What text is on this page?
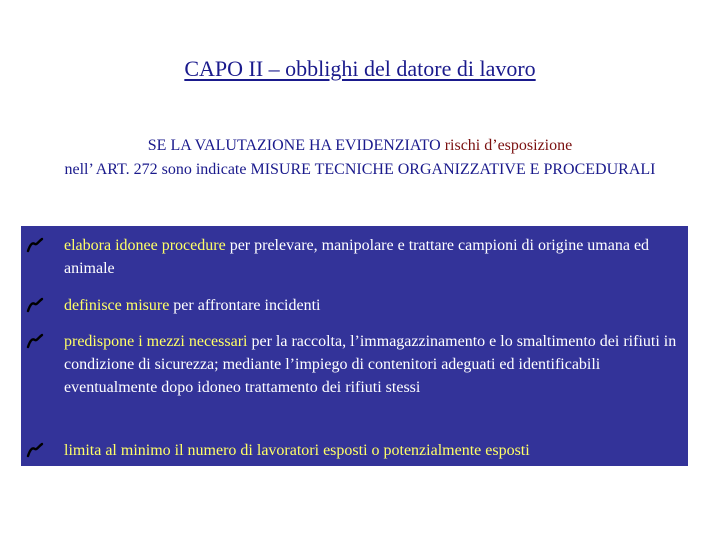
CAPO II – obblighi del datore di lavoro
SE LA VALUTAZIONE HA EVIDENZIATO rischi d’esposizione
nell’ ART. 272 sono indicate MISURE TECNICHE ORGANIZZATIVE E PROCEDURALI
elabora idonee procedure per prelevare, manipolare e trattare campioni di origine umana ed animale
definisce misure per affrontare incidenti
predispone i mezzi necessari per la raccolta, l’immagazzinamento e lo smaltimento dei rifiuti in condizione di sicurezza; mediante l’impiego di contenitori adeguati ed identificabili eventualmente dopo idoneo trattamento dei rifiuti stessi
limita al minimo il numero di lavoratori esposti o potenzialmente esposti
